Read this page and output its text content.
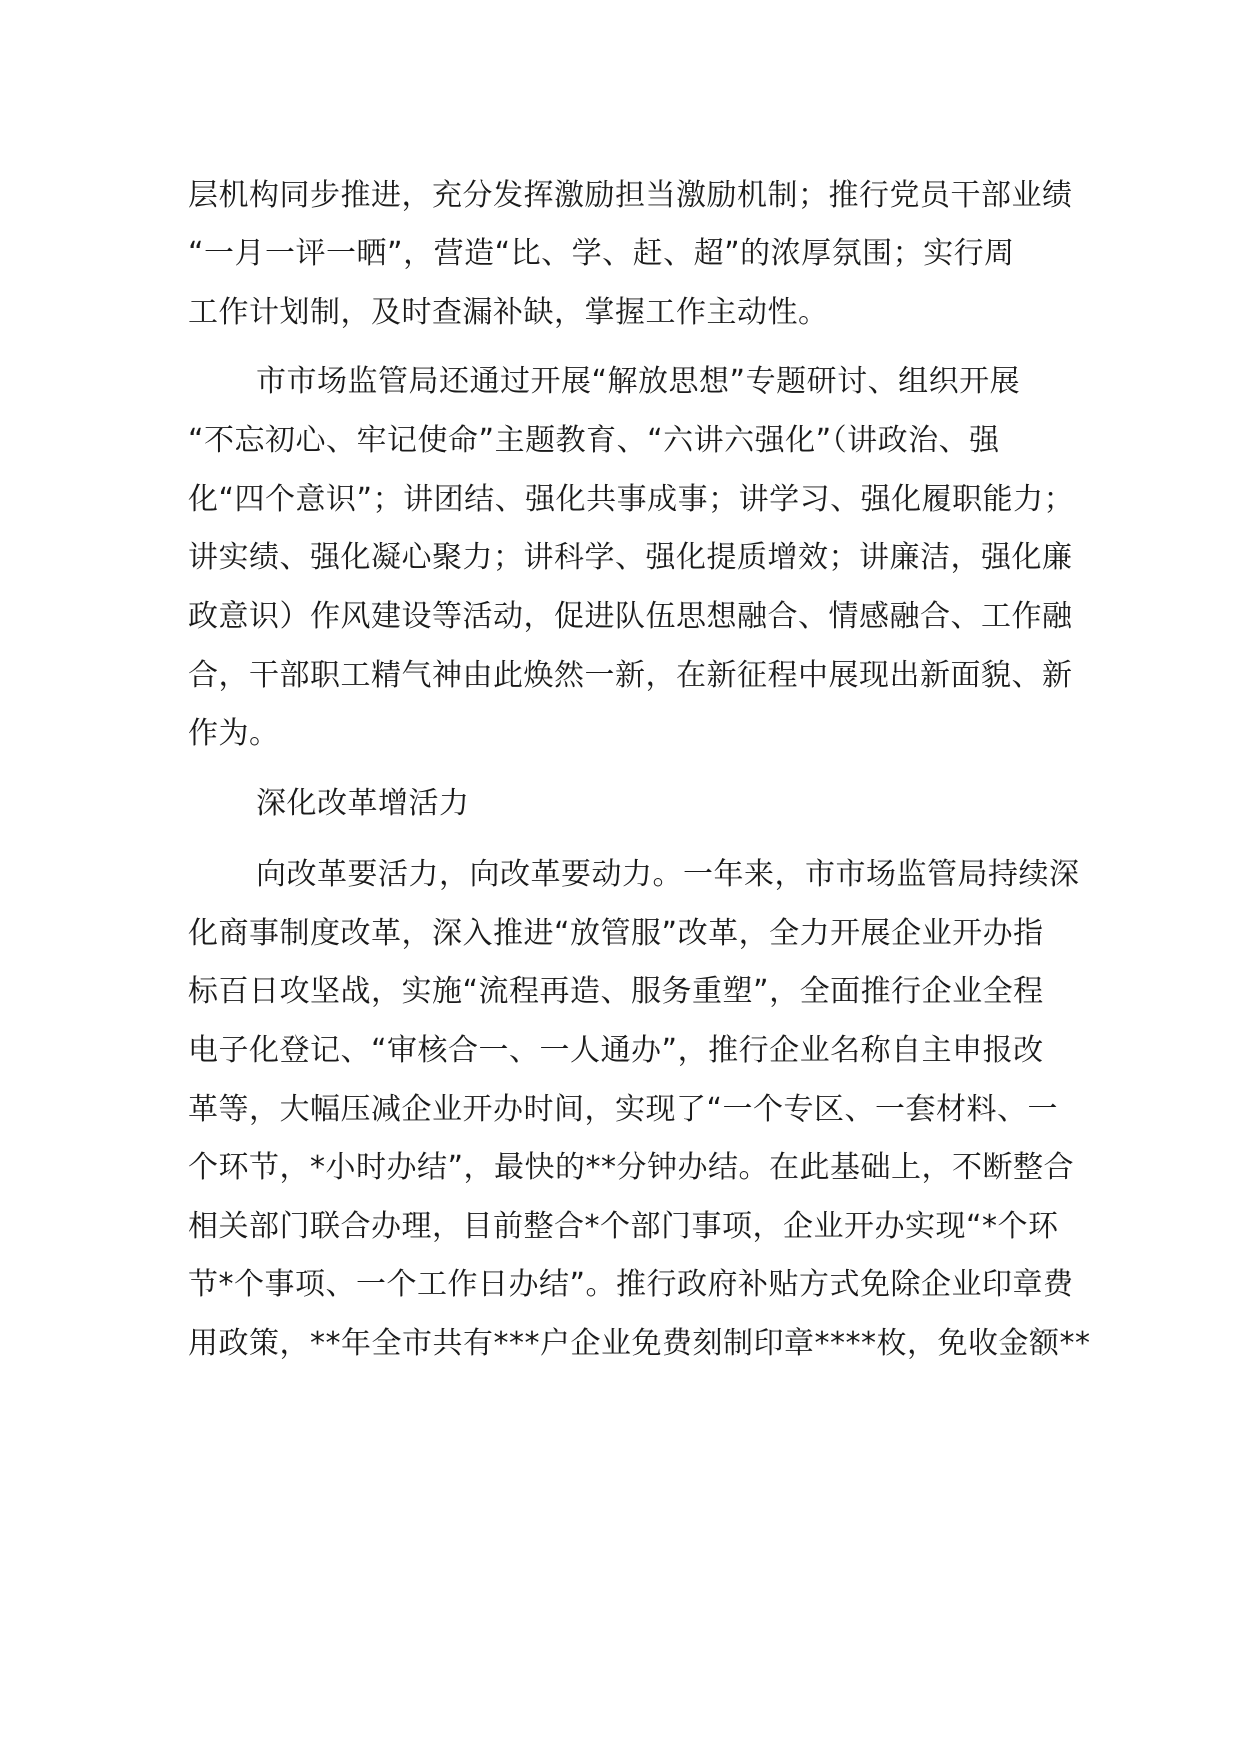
层机构同步推进，充分发挥激励担当激励机制；推行党员干部业绩
“一月一评一晒”，营造“比、学、赶、超”的浓厚氛围；实行周
工作计划制，及时查漏补缺，掌握工作主动性。
市市场监管局还通过开展“解放思想”专题研讨、组织开展
“不忘初心、牢记使命”主题教育、“六讲六强化”（讲政治、强
化“四个意识”；讲团结、强化共事成事；讲学习、强化履职能力；
讲实绩、强化凝心聚力；讲科学、强化提质增效；讲廉洁，强化廉
政意识）作风建设等活动，促进队伍思想融合、情感融合、工作融
合，干部职工精气神由此焕然一新，在新征程中展现出新面貌、新
作为。
深化改革增活力
向改革要活力，向改革要动力。一年来，市市场监管局持续深
化商事制度改革，深入推进“放管服”改革，全力开展企业开办指
标百日攻坚战，实施“流程再造、服务重塑”，全面推行企业全程
电子化登记、“审核合一、一人通办”，推行企业名称自主申报改
革等，大幅压减企业开办时间，实现了“一个专区、一套材料、一
个环节，*小时办结”，最快的**分钟办结。在此基础上，不断整合
相关部门联合办理，目前整合*个部门事项，企业开办实现“*个环
节*个事项、一个工作日办结”。推行政府补贴方式免除企业印章费
用政策，**年全市共有***户企业免费刻制印章****枚，免收金额**
